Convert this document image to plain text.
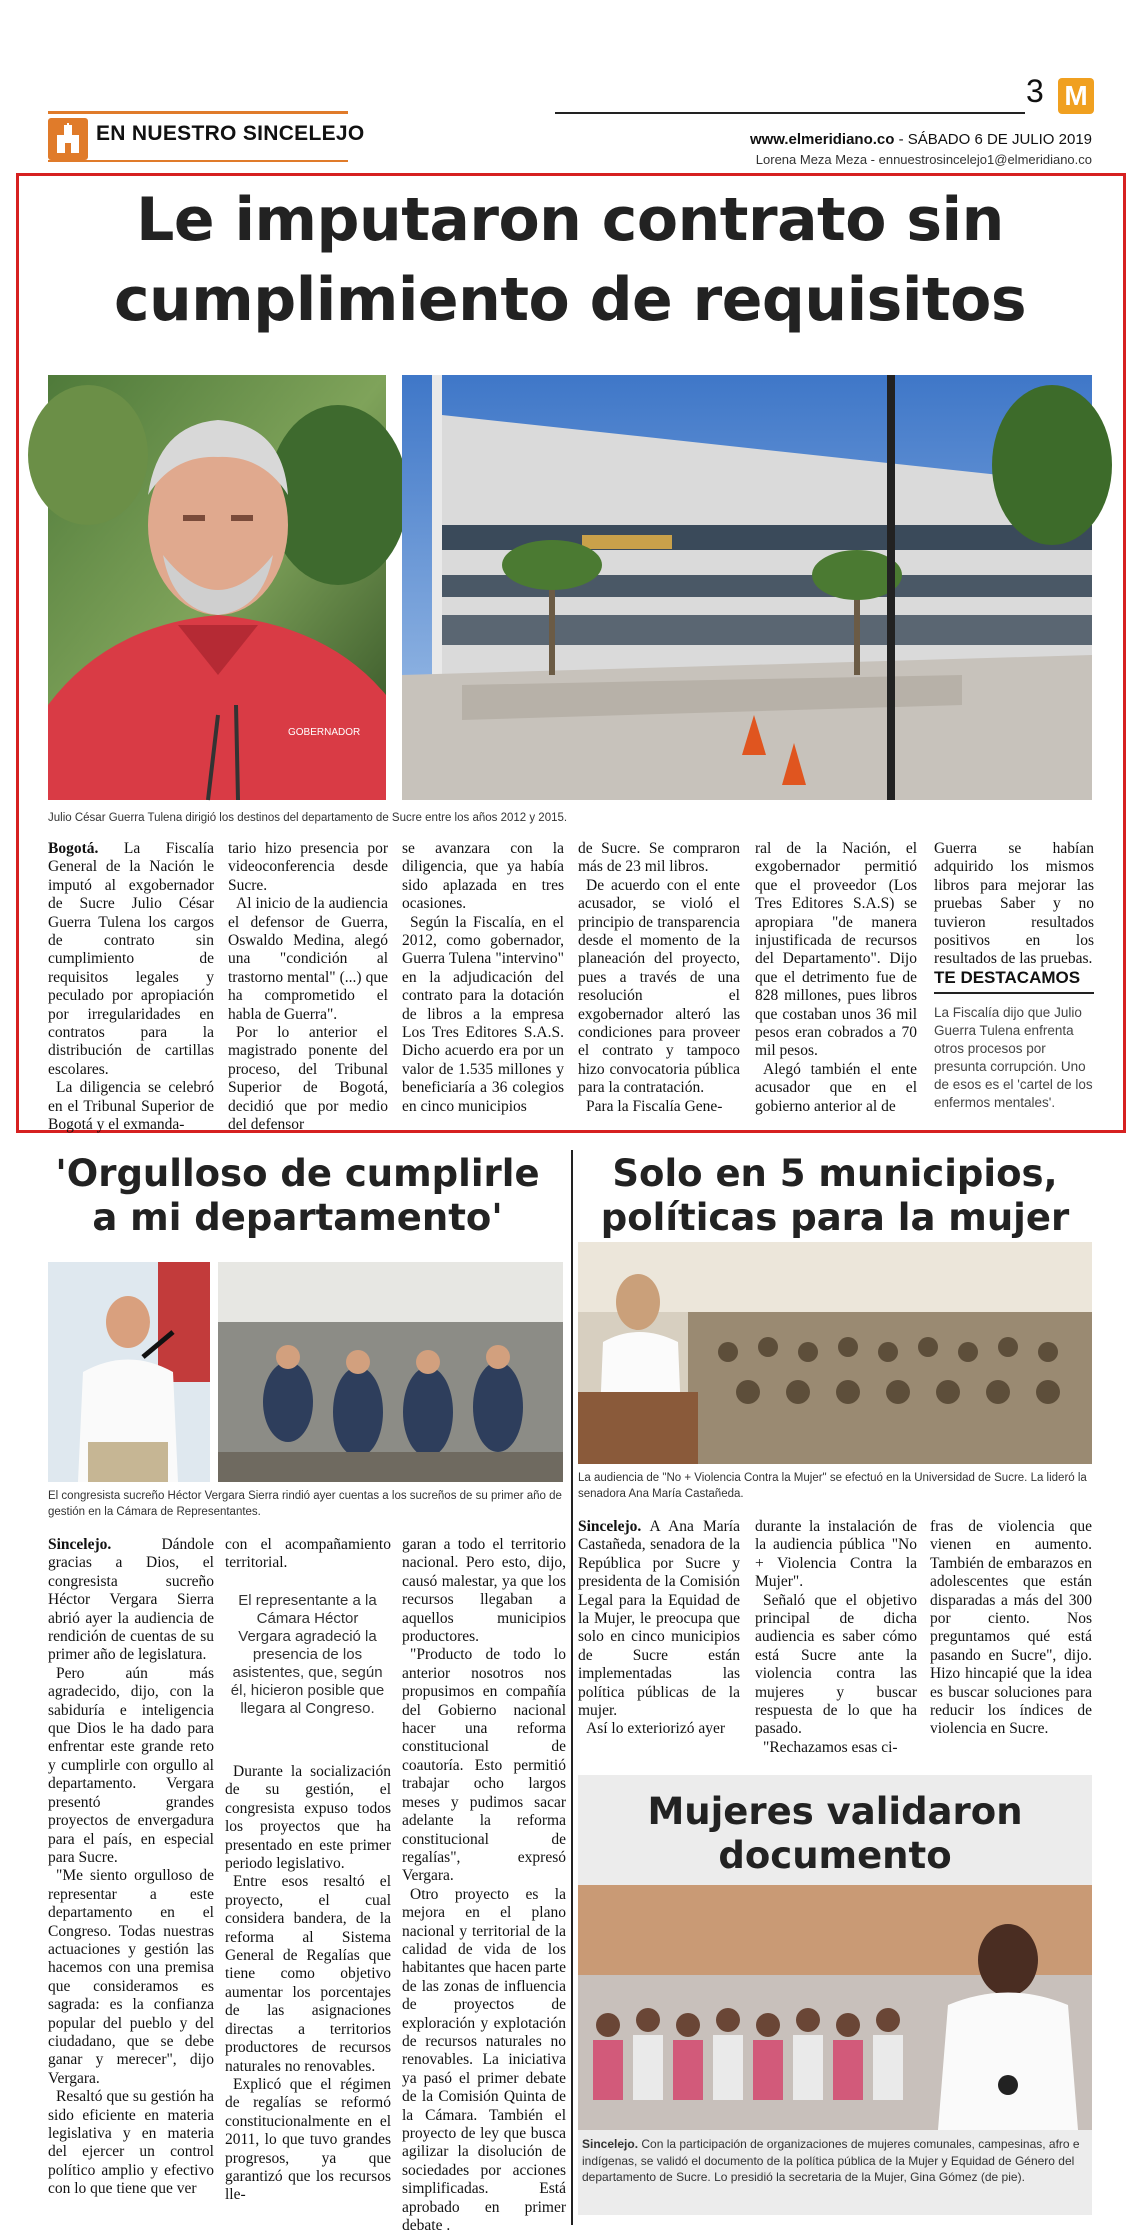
EN NUESTRO SINCELEJO
3 M
www.elmeridiano.co - SÁBADO 6 DE JULIO 2019
Lorena Meza Meza - ennuestrosincelejo1@elmeridiano.co
Le imputaron contrato sin
cumplimiento de requisitos
GOBERNADOR
Julio César Guerra Tulena dirigió los destinos del departamento de Sucre entre los años 2012 y 2015.

Bogotá. La Fiscalía General de la Nación le imputó al exgobernador de Sucre Julio César Guerra Tulena los cargos de contrato sin cumplimiento de requisitos legales y peculado por apropiación por irregularidades en contratos para la distribución de cartillas escolares.

La diligencia se celebró en el Tribunal Superior de Bogotá y el exmanda-

tario hizo presencia por videoconferencia desde Sucre.

Al inicio de la audiencia el defensor de Guerra, Oswaldo Medina, alegó una "condición al trastorno mental" (...) que ha comprometido el habla de Guerra".

Por lo anterior el magistrado ponente del proceso, del Tribunal Superior de Bogotá, decidió que por medio del defensor

se avanzara con la diligencia, que ya había sido aplazada en tres ocasiones.

Según la Fiscalía, en el 2012, como gobernador, Guerra Tulena "intervino" en la adjudicación del contrato para la dotación de libros a la empresa Los Tres Editores S.A.S. Dicho acuerdo era por un valor de 1.535 millones y beneficiaría a 36 colegios en cinco municipios

de Sucre. Se compraron más de 23 mil libros.

De acuerdo con el ente acusador, se violó el principio de transparencia desde el momento de la planeación del proyecto, pues a través de una resolución el exgobernador alteró las condiciones para proveer el contrato y tampoco hizo convocatoria pública para la contratación.

Para la Fiscalía Gene-

ral de la Nación, el exgobernador permitió que el proveedor (Los Tres Editores S.A.S) se apropiara "de manera injustificada de recursos del Departamento". Dijo que el detrimento fue de 828 millones, pues libros que costaban unos 36 mil pesos eran cobrados a 70 mil pesos.

Alegó también el ente acusador que en el gobierno anterior al de

Guerra se habían adquirido los mismos libros para mejorar las pruebas Saber y no tuvieron resultados positivos en los resultados de las pruebas.

TE DESTACAMOS
La Fiscalía dijo que Julio Guerra Tulena enfrenta otros procesos por presunta corrupción. Uno de esos es el 'cartel de los enfermos mentales'.
'Orgulloso de cumplirle
a mi departamento'
El congresista sucreño Héctor Vergara Sierra rindió ayer cuentas a los sucreños de su primer año de gestión en la Cámara de Representantes.

Sincelejo. Dándole gracias a Dios, el congresista sucreño Héctor Vergara Sierra abrió ayer la audiencia de rendición de cuentas de su primer año de legislatura.

Pero aún más agradecido, dijo, con la sabiduría e inteligencia que Dios le ha dado para enfrentar este grande reto y cumplirle con orgullo al departamento. Vergara presentó grandes proyectos de envergadura para el país, en especial para Sucre.

"Me siento orgulloso de representar a este departamento en el Congreso. Todas nuestras actuaciones y gestión las hacemos con una premisa que consideramos es sagrada: es la confianza popular del pueblo y del ciudadano, que se debe ganar y merecer", dijo Vergara.

Resaltó que su gestión ha sido eficiente en materia legislativa y en materia del ejercer un control político amplio y efectivo con lo que tiene que ver

con el acompañamiento territorial.

El representante a la Cámara Héctor Vergara agradeció la presencia de los asistentes, que, según él, hicieron posible que llegara al Congreso.

Durante la socialización de su gestión, el congresista expuso todos los proyectos que ha presentado en este primer periodo legislativo.

Entre esos resaltó el proyecto, el cual considera bandera, de la reforma al Sistema General de Regalías que tiene como objetivo aumentar los porcentajes de las asignaciones directas a territorios productores de recursos naturales no renovables.

Explicó que el régimen de regalías se reformó constitucionalmente en el 2011, lo que tuvo grandes progresos, ya que garantizó que los recursos lle-

garan a todo el territorio nacional. Pero esto, dijo, causó malestar, ya que los recursos llegaban a aquellos municipios productores.

"Producto de todo lo anterior nosotros nos propusimos en compañía del Gobierno nacional hacer una reforma constitucional de coautoría. Esto permitió trabajar ocho largos meses y pudimos sacar adelante la reforma constitucional de regalías", expresó Vergara.

Otro proyecto es la mejora en el plano nacional y territorial de la calidad de vida de los habitantes que hacen parte de las zonas de influencia de proyectos de exploración y explotación de recursos naturales no renovables. La iniciativa ya pasó el primer debate de la Comisión Quinta de la Cámara. También el proyecto de ley que busca agilizar la disolución de sociedades por acciones simplificadas. Está aprobado en primer debate .

Solo en 5 municipios,
políticas para la mujer
La audiencia de "No + Violencia Contra la Mujer" se efectuó en la Universidad de Sucre. La lideró la senadora Ana María Castañeda.

Sincelejo. A Ana María Castañeda, senadora de la República por Sucre y presidenta de la Comisión Legal para la Equidad de la Mujer, le preocupa que solo en cinco municipios de Sucre están implementadas las política públicas de la mujer.

Así lo exteriorizó ayer

durante la instalación de la audiencia pública "No + Violencia Contra la Mujer".

Señaló que el objetivo principal de dicha audiencia es saber cómo está Sucre ante la violencia contra las mujeres y buscar respuesta de lo que ha pasado.

"Rechazamos esas ci-

fras de violencia que vienen en aumento. También de embarazos en adolescentes que están disparadas a más del 300 por ciento. Nos preguntamos qué está pasando en Sucre", dijo. Hizo hincapié que la idea es buscar soluciones para reducir los índices de violencia en Sucre.

Mujeres validaron
documento
Sincelejo. Con la participación de organizaciones de mujeres comunales, campesinas, afro e indígenas, se validó el documento de la política pública de la Mujer y Equidad de Género del departamento de Sucre. Lo presidió la secretaria de la Mujer, Gina Gómez (de pie).
